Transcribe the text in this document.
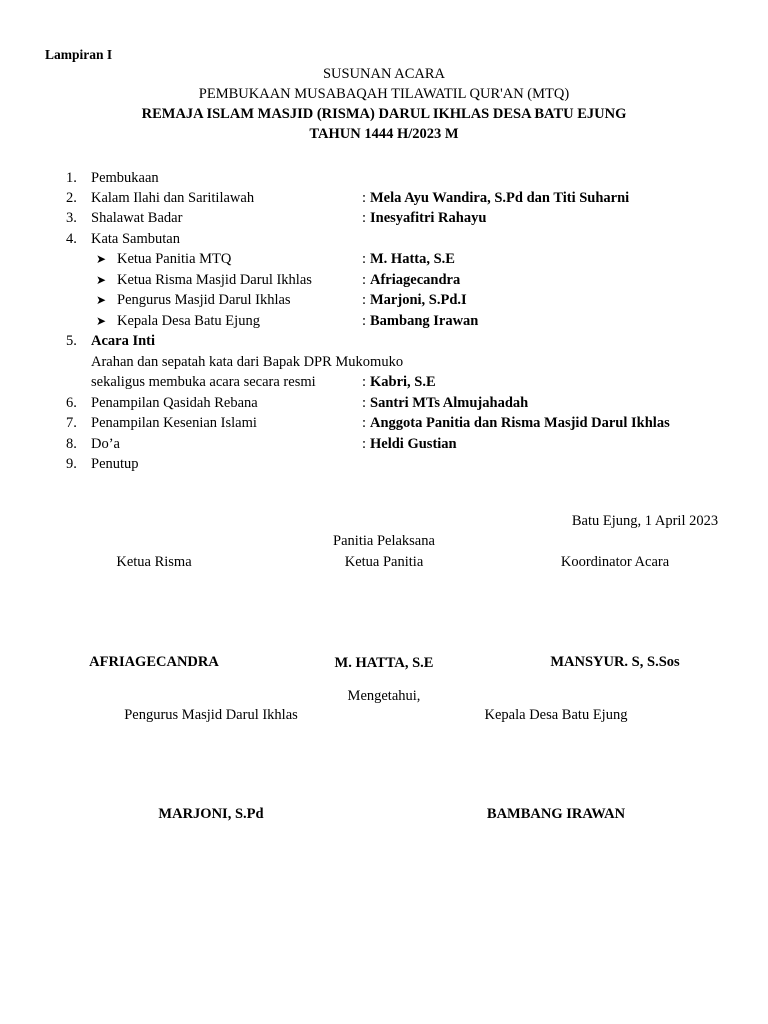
Lampiran I
SUSUNAN ACARA
PEMBUKAAN MUSABAQAH TILAWATIL QUR'AN (MTQ)
REMAJA ISLAM MASJID (RISMA) DARUL IKHLAS DESA BATU EJUNG
TAHUN 1444 H/2023 M
1. Pembukaan
2. Kalam Ilahi dan Saritilawah	: Mela Ayu Wandira, S.Pd dan Titi Suharni
3. Shalawat Badar	: Inesyafitri Rahayu
4. Kata Sambutan
➤ Ketua Panitia MTQ	: M. Hatta, S.E
➤ Ketua Risma Masjid Darul Ikhlas	: Afriagecandra
➤ Pengurus Masjid Darul Ikhlas	: Marjoni, S.Pd.I
➤ Kepala Desa Batu Ejung	: Bambang Irawan
5. Acara Inti
Arahan dan sepatah kata dari Bapak DPR Mukomuko
sekaligus membuka acara secara resmi	: Kabri, S.E
6. Penampilan Qasidah Rebana	: Santri MTs Almujahadah
7. Penampilan Kesenian Islami	: Anggota Panitia dan Risma Masjid Darul Ikhlas
8. Do’a	: Heldi Gustian
9. Penutup
Batu Ejung, 1 April 2023
Panitia Pelaksana
Ketua Risma	Ketua Panitia	Koordinator Acara
AFRIAGECANDRA	M. HATTA, S.E	MANSYUR. S, S.Sos
Mengetahui,
Pengurus Masjid Darul Ikhlas	Kepala Desa Batu Ejung
MARJONI, S.Pd	BAMBANG IRAWAN
